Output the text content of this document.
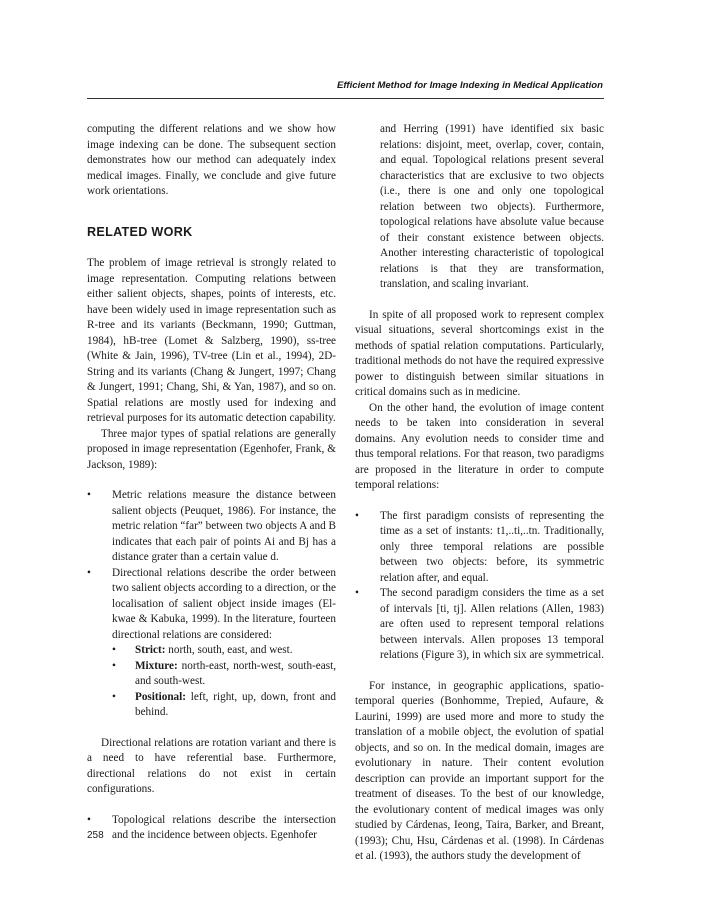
Efficient Method for Image Indexing in Medical Application

computing the different relations and we show how image indexing can be done. The subsequent section demonstrates how our method can adequately index medical images. Finally, we conclude and give future work orientations.

RELATED WORK

The problem of image retrieval is strongly related to image representation. Computing relations between either salient objects, shapes, points of interests, etc. have been widely used in image representation such as R-tree and its variants (Beckmann, 1990; Guttman, 1984), hB-tree (Lomet & Salzberg, 1990), ss-tree (White & Jain, 1996), TV-tree (Lin et al., 1994), 2D-String and its variants (Chang & Jungert, 1997; Chang & Jungert, 1991; Chang, Shi, & Yan, 1987), and so on. Spatial relations are mostly used for indexing and retrieval purposes for its automatic detection capability.

Three major types of spatial relations are generally proposed in image representation (Egenhofer, Frank, & Jackson, 1989):

• Metric relations measure the distance between salient objects (Peuquet, 1986). For instance, the metric relation “far” between two objects A and B indicates that each pair of points Ai and Bj has a distance grater than a certain value d.

• Directional relations describe the order between two salient objects according to a direction, or the localisation of salient object inside images (El-kwae & Kabuka, 1999). In the literature, fourteen directional relations are considered:

• Strict: north, south, east, and west.

• Mixture: north-east, north-west, south-east, and south-west.

• Positional: left, right, up, down, front and behind.

Directional relations are rotation variant and there is a need to have referential base. Furthermore, directional relations do not exist in certain configurations.

• Topological relations describe the intersection and the incidence between objects. Egenhofer

and Herring (1991) have identified six basic relations: disjoint, meet, overlap, cover, contain, and equal. Topological relations present several characteristics that are exclusive to two objects (i.e., there is one and only one topological relation between two objects). Furthermore, topological relations have absolute value because of their constant existence between objects. Another interesting characteristic of topological relations is that they are transformation, translation, and scaling invariant.

In spite of all proposed work to represent complex visual situations, several shortcomings exist in the methods of spatial relation computations. Particularly, traditional methods do not have the required expressive power to distinguish between similar situations in critical domains such as in medicine.

On the other hand, the evolution of image content needs to be taken into consideration in several domains. Any evolution needs to consider time and thus temporal relations. For that reason, two paradigms are proposed in the literature in order to compute temporal relations:

• The first paradigm consists of representing the time as a set of instants: t1,..ti,..tn. Traditionally, only three temporal relations are possible between two objects: before, its symmetric relation after, and equal.

• The second paradigm considers the time as a set of intervals [ti, tj]. Allen relations (Allen, 1983) are often used to represent temporal relations between intervals. Allen proposes 13 temporal relations (Figure 3), in which six are symmetrical.

For instance, in geographic applications, spatio-temporal queries (Bonhomme, Trepied, Aufaure, & Laurini, 1999) are used more and more to study the translation of a mobile object, the evolution of spatial objects, and so on. In the medical domain, images are evolutionary in nature. Their content evolution description can provide an important support for the treatment of diseases. To the best of our knowledge, the evolutionary content of medical images was only studied by Cárdenas, Ieong, Taira, Barker, and Breant, (1993); Chu, Hsu, Cárdenas et al. (1998). In Cárdenas et al. (1993), the authors study the development of

258
